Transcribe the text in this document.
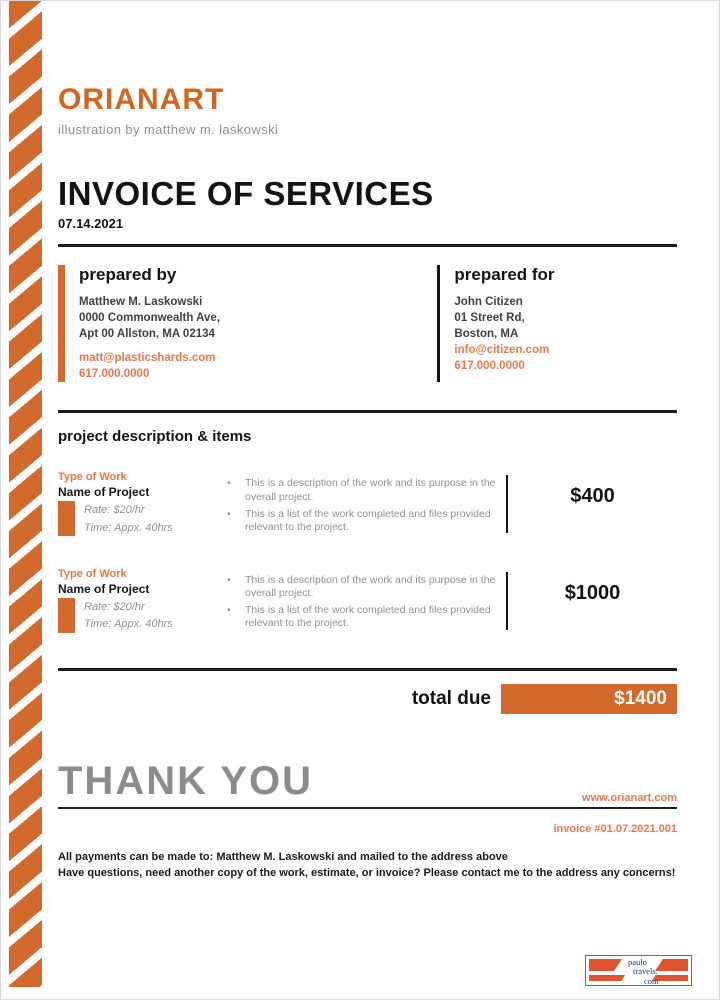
ORIANART
illustration by matthew m. laskowski
INVOICE OF SERVICES
07.14.2021
prepared by
Matthew M. Laskowski
0000 Commonwealth Ave,
Apt 00 Allston, MA 02134
matt@plasticshards.com
617.000.0000
prepared for
John Citizen
01 Street Rd,
Boston, MA
info@citizen.com
617.000.0000
project description & items
Type of Work
Name of Project
Rate: $20/hr
Time: Appx. 40hrs
• This is a description of the work and its purpose in the overall project.
• This is a list of the work completed and files provided relevant to the project.
$400
Type of Work
Name of Project
Rate: $20/hr
Time: Appx. 40hrs
• This is a description of the work and its purpose in the overall project.
• This is a list of the work completed and files provided relevant to the project.
$1000
total due	$1400
THANK YOU	www.orianart.com
invoice #01.07.2021.001
All payments can be made to: Matthew M. Laskowski and mailed to the address above
Have questions, need another copy of the work, estimate, or invoice? Please contact me to the address any concerns!
paulo
travels.
com
